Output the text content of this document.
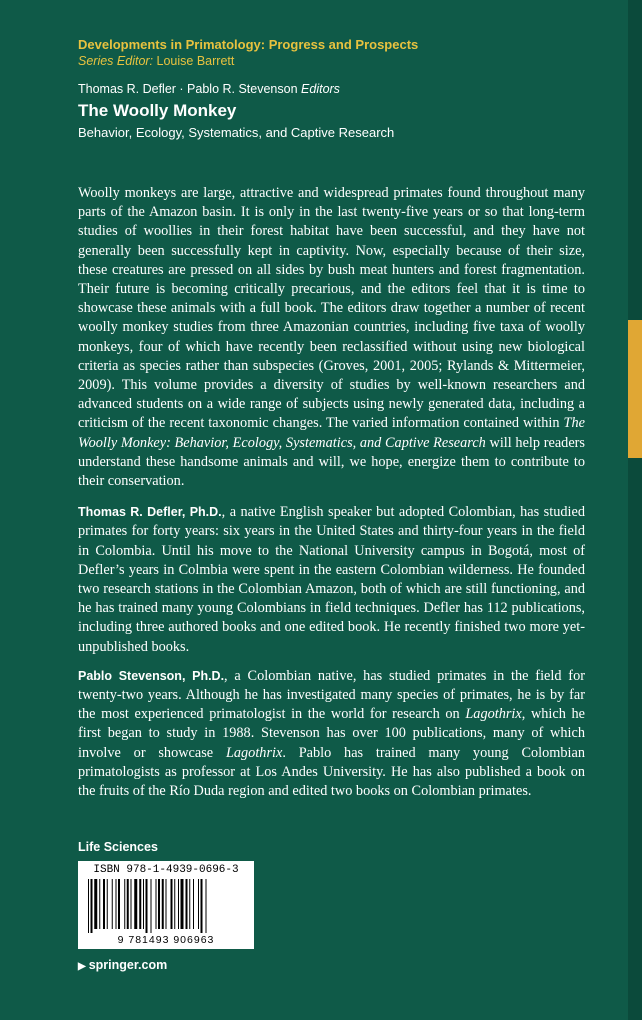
Developments in Primatology: Progress and Prospects
Series Editor: Louise Barrett
Thomas R. Defler · Pablo R. Stevenson Editors
The Woolly Monkey
Behavior, Ecology, Systematics, and Captive Research

Woolly monkeys are large, attractive and widespread primates found throughout many parts of the Amazon basin. It is only in the last twenty-five years or so that long-term studies of woollies in their forest habitat have been successful, and they have not generally been successfully kept in captivity. Now, especially because of their size, these creatures are pressed on all sides by bush meat hunters and forest fragmentation. Their future is becoming critically precarious, and the editors feel that it is time to showcase these animals with a full book. The editors draw together a number of recent woolly monkey studies from three Amazonian countries, including five taxa of woolly monkeys, four of which have recently been reclassified without using new biological criteria as species rather than subspecies (Groves, 2001, 2005; Rylands & Mittermeier, 2009). This volume provides a diversity of studies by well-known researchers and advanced students on a wide range of subjects using newly generated data, including a criticism of the recent taxonomic changes. The varied information contained within The Woolly Monkey: Behavior, Ecology, Systematics, and Captive Research will help readers understand these handsome animals and will, we hope, energize them to contribute to their conservation.

Thomas R. Defler, Ph.D., a native English speaker but adopted Colombian, has studied primates for forty years: six years in the United States and thirty-four years in the field in Colombia. Until his move to the National University campus in Bogotá, most of Defler’s years in Colmbia were spent in the eastern Colombian wilderness. He founded two research stations in the Colombian Amazon, both of which are still functioning, and he has trained many young Colombians in field techniques. Defler has 112 publications, including three authored books and one edited book. He recently finished two more yet-unpublished books.

Pablo Stevenson, Ph.D., a Colombian native, has studied primates in the field for twenty-two years. Although he has investigated many species of primates, he is by far the most experienced primatologist in the world for research on Lagothrix, which he first began to study in 1988. Stevenson has over 100 publications, many of which involve or showcase Lagothrix. Pablo has trained many young Colombian primatologists as professor at Los Andes University. He has also published a book on the fruits of the Río Duda region and edited two books on Colombian primates.

Life Sciences
ISBN 978-1-4939-0696-3
9 781493 906963
▶ springer.com
